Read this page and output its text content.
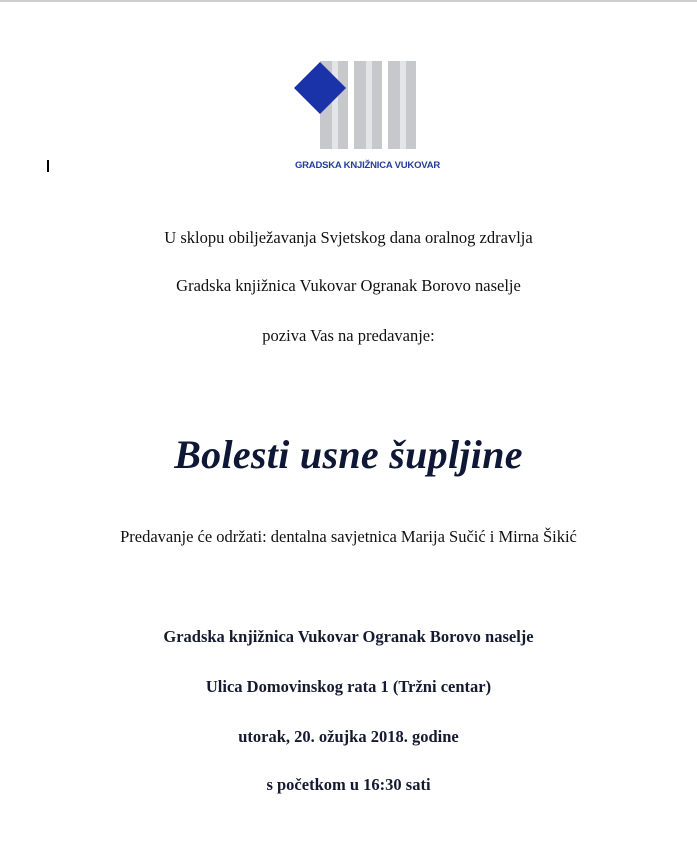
GRADSKA KNJIŽNICA VUKOVAR
U sklopu obilježavanja Svjetskog dana oralnog zdravlja
Gradska knjižnica Vukovar Ogranak Borovo naselje
poziva Vas na predavanje:
Bolesti usne šupljine
Predavanje će održati: dentalna savjetnica Marija Sučić i Mirna Šikić
Gradska knjižnica Vukovar Ogranak Borovo naselje
Ulica Domovinskog rata 1 (Tržni centar)
utorak, 20. ožujka 2018. godine
s početkom u 16:30 sati
